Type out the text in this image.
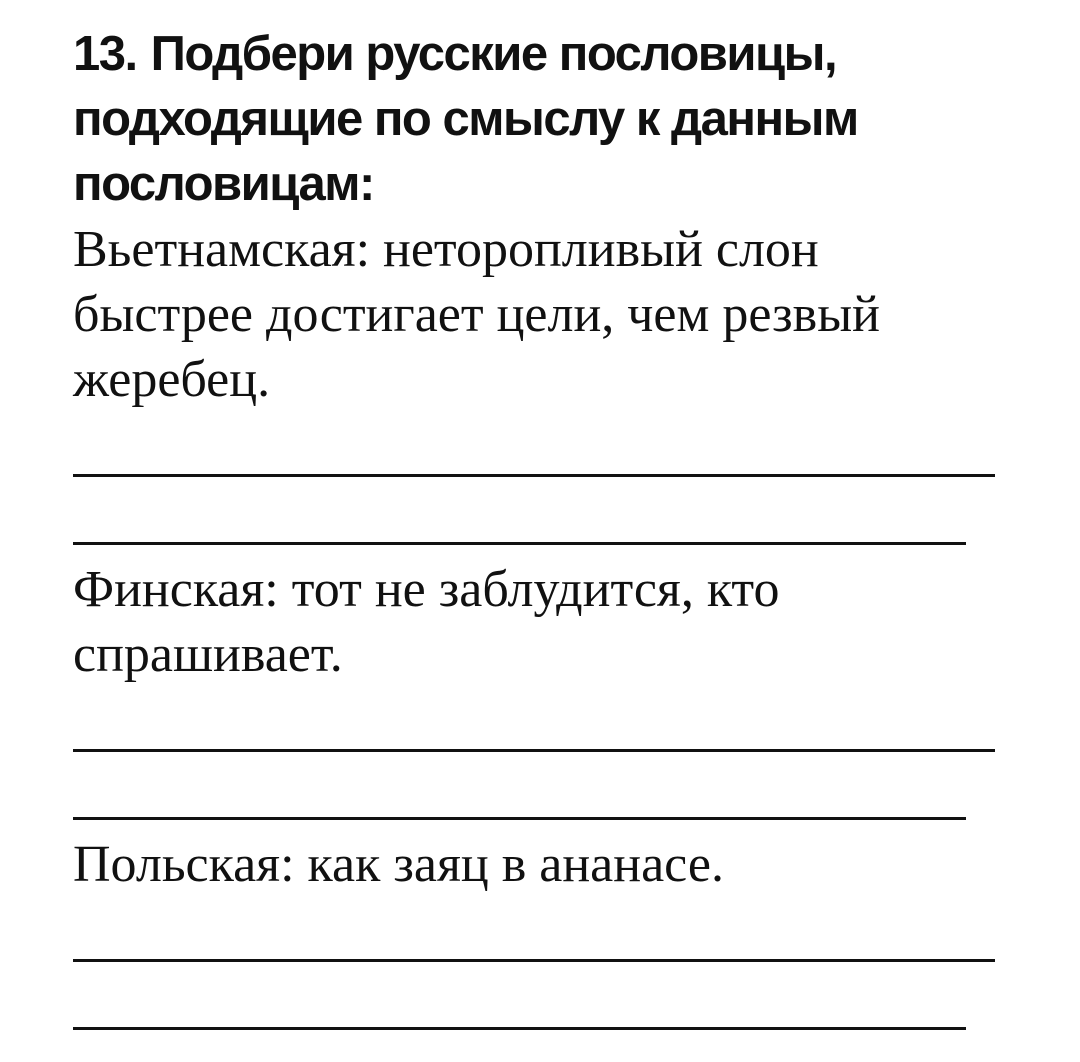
13. Подбери русские пословицы, подходящие по смыслу к данным пословицам:

Вьетнамская: неторопливый слон быстрее достигает цели, чем резвый жеребец.

Финская: тот не заблудится, кто спрашивает.

Польская: как заяц в ананасе.
